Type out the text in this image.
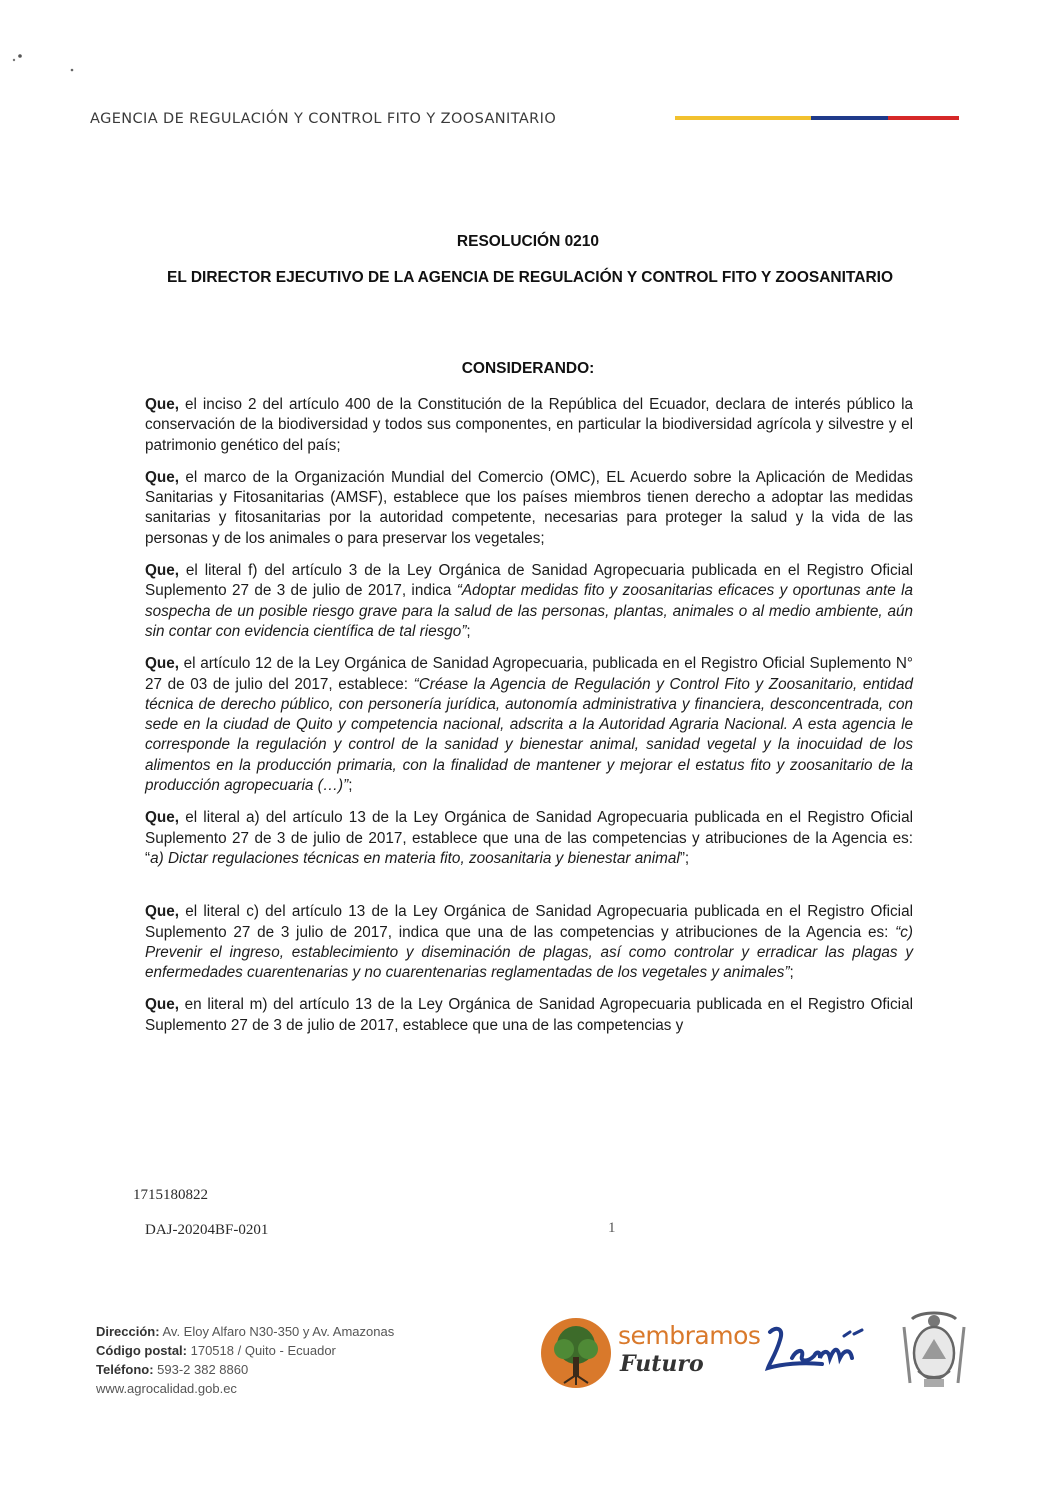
AGENCIA DE REGULACIÓN Y CONTROL FITO Y ZOOSANITARIO
RESOLUCIÓN 0210
EL DIRECTOR EJECUTIVO DE LA AGENCIA DE REGULACIÓN Y CONTROL FITO Y ZOOSANITARIO
CONSIDERANDO:

Que, el inciso 2 del artículo 400 de la Constitución de la República del Ecuador, declara de interés público la conservación de la biodiversidad y todos sus componentes, en particular la biodiversidad agrícola y silvestre y el patrimonio genético del país;

Que, el marco de la Organización Mundial del Comercio (OMC), EL Acuerdo sobre la Aplicación de Medidas Sanitarias y Fitosanitarias (AMSF), establece que los países miembros tienen derecho a adoptar las medidas sanitarias y fitosanitarias por la autoridad competente, necesarias para proteger la salud y la vida de las personas y de los animales o para preservar los vegetales;

Que, el literal f) del artículo 3 de la Ley Orgánica de Sanidad Agropecuaria publicada en el Registro Oficial Suplemento 27 de 3 de julio de 2017, indica “Adoptar medidas fito y zoosanitarias eficaces y oportunas ante la sospecha de un posible riesgo grave para la salud de las personas, plantas, animales o al medio ambiente, aún sin contar con evidencia científica de tal riesgo”;

Que, el artículo 12 de la Ley Orgánica de Sanidad Agropecuaria, publicada en el Registro Oficial Suplemento N° 27 de 03 de julio del 2017, establece: “Créase la Agencia de Regulación y Control Fito y Zoosanitario, entidad técnica de derecho público, con personería jurídica, autonomía administrativa y financiera, desconcentrada, con sede en la ciudad de Quito y competencia nacional, adscrita a la Autoridad Agraria Nacional. A esta agencia le corresponde la regulación y control de la sanidad y bienestar animal, sanidad vegetal y la inocuidad de los alimentos en la producción primaria, con la finalidad de mantener y mejorar el estatus fito y zoosanitario de la producción agropecuaria (…)”;

Que, el literal a) del artículo 13 de la Ley Orgánica de Sanidad Agropecuaria publicada en el Registro Oficial Suplemento 27 de 3 de julio de 2017, establece que una de las competencias y atribuciones de la Agencia es: “a) Dictar regulaciones técnicas en materia fito, zoosanitaria y bienestar animal”;

Que, el literal c) del artículo 13 de la Ley Orgánica de Sanidad Agropecuaria publicada en el Registro Oficial Suplemento 27 de 3 julio de 2017, indica que una de las competencias y atribuciones de la Agencia es: “c) Prevenir el ingreso, establecimiento y diseminación de plagas, así como controlar y erradicar las plagas y enfermedades cuarentenarias y no cuarentenarias reglamentadas de los vegetales y animales”;

Que, en literal m) del artículo 13 de la Ley Orgánica de Sanidad Agropecuaria publicada en el Registro Oficial Suplemento 27 de 3 de julio de 2017, establece que una de las competencias y

1715180822
DAJ-20204BF-0201	1
Dirección: Av. Eloy Alfaro N30-350 y Av. Amazonas
Código postal: 170518 / Quito - Ecuador
Teléfono: 593-2 382 8860
www.agrocalidad.gob.ec
sembramos
Futuro
